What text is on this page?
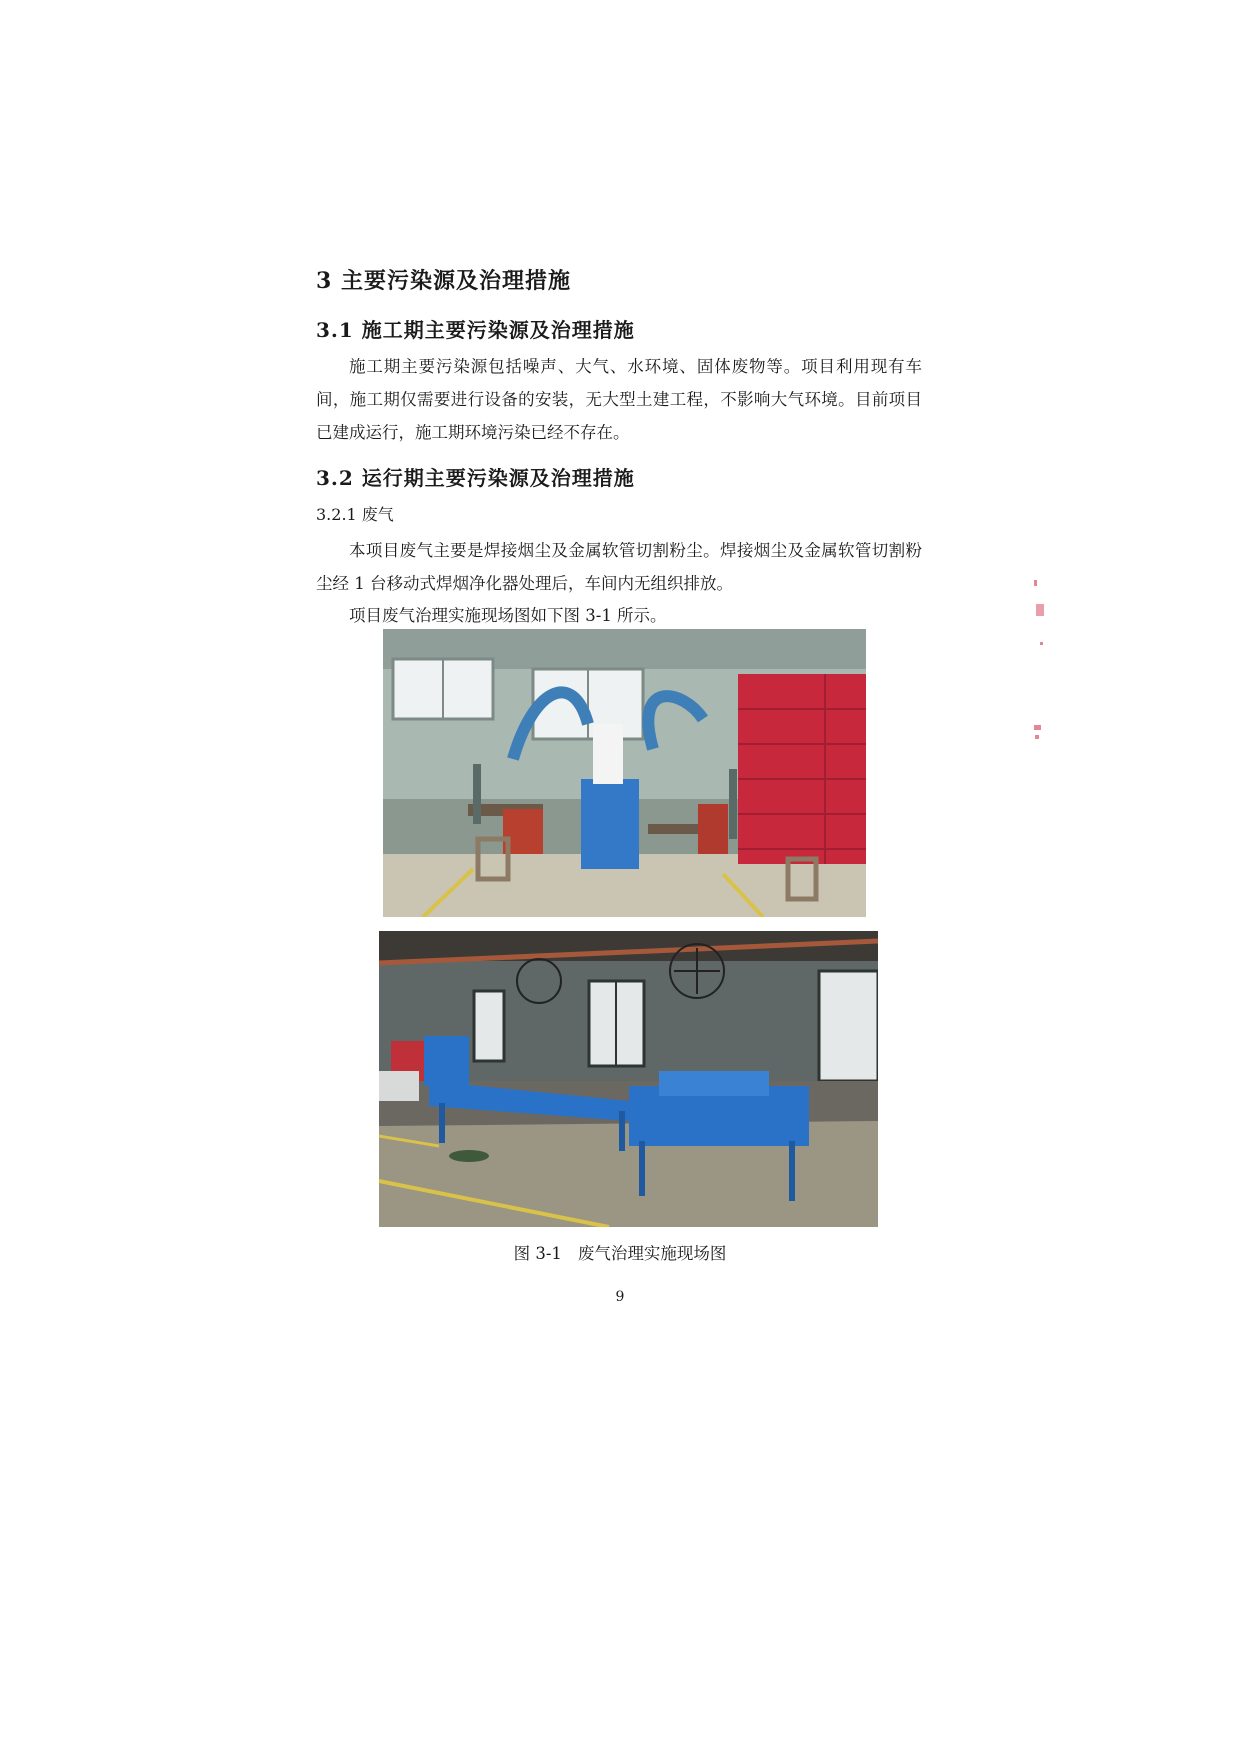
3 主要污染源及治理措施
3.1 施工期主要污染源及治理措施
施工期主要污染源包括噪声、大气、水环境、固体废物等。项目利用现有车间，施工期仅需要进行设备的安装，无大型土建工程，不影响大气环境。目前项目已建成运行，施工期环境污染已经不存在。
3.2 运行期主要污染源及治理措施
3.2.1 废气
本项目废气主要是焊接烟尘及金属软管切割粉尘。焊接烟尘及金属软管切割粉尘经 1 台移动式焊烟净化器处理后，车间内无组织排放。
项目废气治理实施现场图如下图 3-1 所示。
图 3-1 废气治理实施现场图
9
